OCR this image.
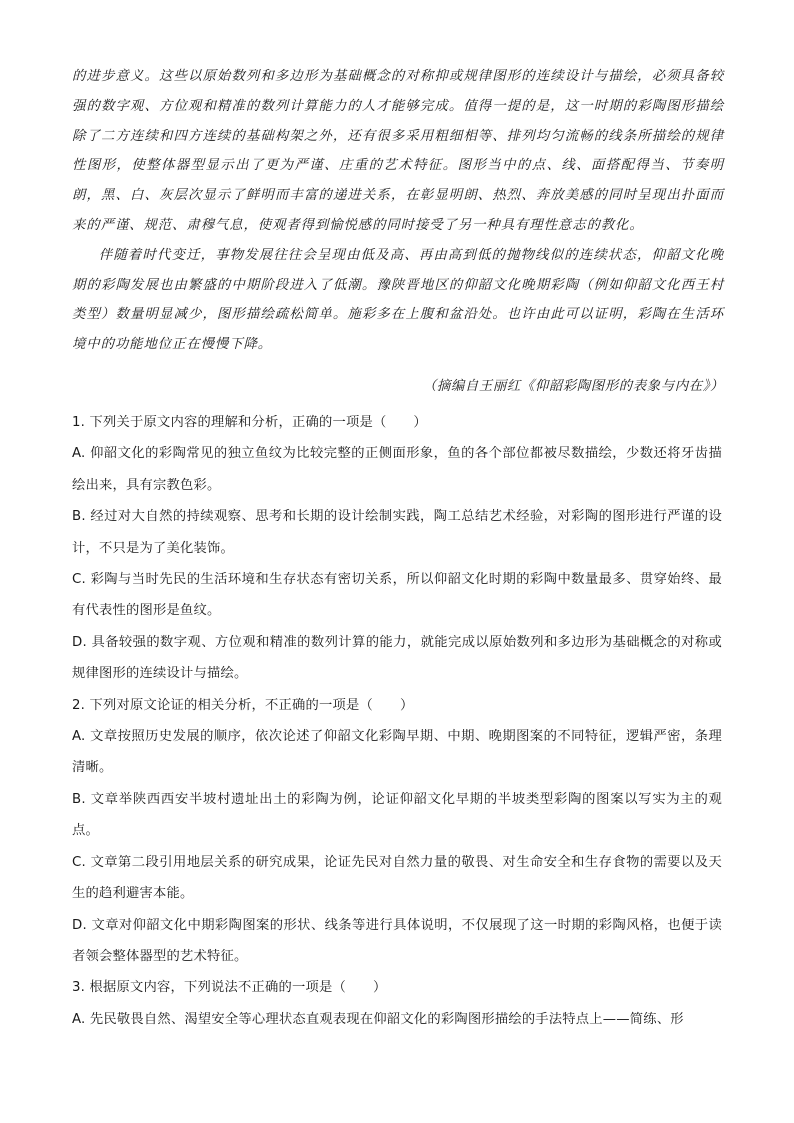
的进步意义。这些以原始数列和多边形为基础概念的对称抑或规律图形的连续设计与描绘，必须具备较强的数字观、方位观和精准的数列计算能力的人才能够完成。值得一提的是，这一时期的彩陶图形描绘除了二方连续和四方连续的基础构架之外，还有很多采用粗细相等、排列均匀流畅的线条所描绘的规律性图形，使整体器型显示出了更为严谨、庄重的艺术特征。图形当中的点、线、面搭配得当、节奏明朗，黑、白、灰层次显示了鲜明而丰富的递进关系，在彰显明朗、热烈、奔放美感的同时呈现出扑面而来的严谨、规范、肃穆气息，使观者得到愉悦感的同时接受了另一种具有理性意志的教化。

伴随着时代变迁，事物发展往往会呈现由低及高、再由高到低的抛物线似的连续状态，仰韶文化晚期的彩陶发展也由繁盛的中期阶段进入了低潮。豫陕晋地区的仰韶文化晚期彩陶（例如仰韶文化西王村类型）数量明显减少，图形描绘疏松简单。施彩多在上腹和盆沿处。也许由此可以证明，彩陶在生活环境中的功能地位正在慢慢下降。

（摘编自王丽红《仰韶彩陶图形的表象与内在》）

1. 下列关于原文内容的理解和分析，正确的一项是（　　）

A. 仰韶文化的彩陶常见的独立鱼纹为比较完整的正侧面形象，鱼的各个部位都被尽数描绘，少数还将牙齿描绘出来，具有宗教色彩。

B. 经过对大自然的持续观察、思考和长期的设计绘制实践，陶工总结艺术经验，对彩陶的图形进行严谨的设计，不只是为了美化装饰。

C. 彩陶与当时先民的生活环境和生存状态有密切关系，所以仰韶文化时期的彩陶中数量最多、贯穿始终、最有代表性的图形是鱼纹。

D. 具备较强的数字观、方位观和精准的数列计算的能力，就能完成以原始数列和多边形为基础概念的对称或规律图形的连续设计与描绘。

2. 下列对原文论证的相关分析，不正确的一项是（　　）

A. 文章按照历史发展的顺序，依次论述了仰韶文化彩陶早期、中期、晚期图案的不同特征，逻辑严密，条理清晰。

B. 文章举陕西西安半坡村遗址出土的彩陶为例，论证仰韶文化早期的半坡类型彩陶的图案以写实为主的观点。

C. 文章第二段引用地层关系的研究成果，论证先民对自然力量的敬畏、对生命安全和生存食物的需要以及天生的趋利避害本能。

D. 文章对仰韶文化中期彩陶图案的形状、线条等进行具体说明，不仅展现了这一时期的彩陶风格，也便于读者领会整体器型的艺术特征。

3. 根据原文内容，下列说法不正确的一项是（　　）

A. 先民敬畏自然、渴望安全等心理状态直观表现在仰韶文化的彩陶图形描绘的手法特点上——简练、形
